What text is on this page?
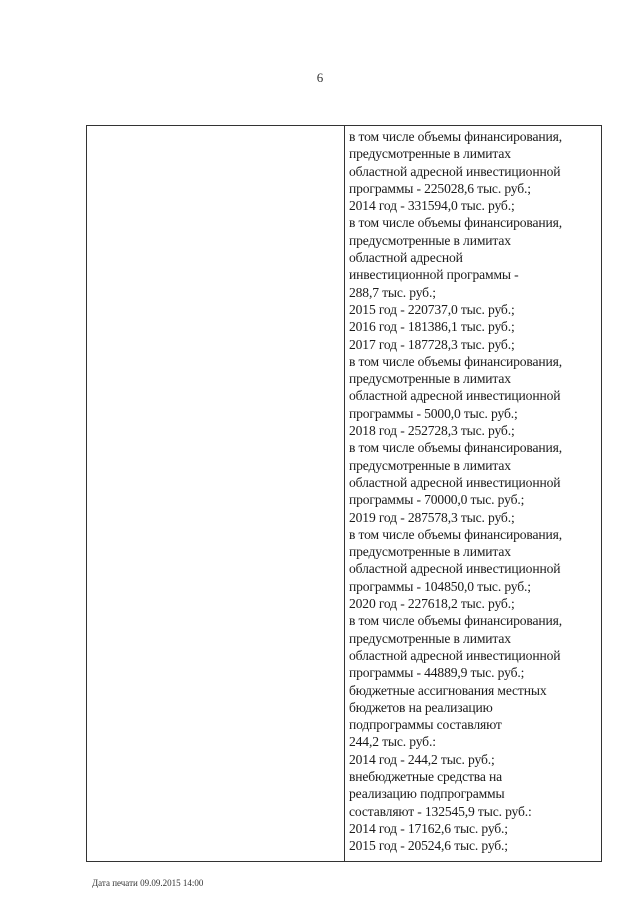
6
в том числе объемы финансирования,
предусмотренные в лимитах
областной адресной инвестиционной
программы - 225028,6 тыс. руб.;
2014 год - 331594,0 тыс. руб.;
в том числе объемы финансирования,
предусмотренные в лимитах
областной адресной
инвестиционной программы -
288,7 тыс. руб.;
2015 год - 220737,0 тыс. руб.;
2016 год - 181386,1 тыс. руб.;
2017 год - 187728,3 тыс. руб.;
в том числе объемы финансирования,
предусмотренные в лимитах
областной адресной инвестиционной
программы - 5000,0 тыс. руб.;
2018 год - 252728,3 тыс. руб.;
в том числе объемы финансирования,
предусмотренные в лимитах
областной адресной инвестиционной
программы - 70000,0 тыс. руб.;
2019 год - 287578,3 тыс. руб.;
в том числе объемы финансирования,
предусмотренные в лимитах
областной адресной инвестиционной
программы - 104850,0 тыс. руб.;
2020 год - 227618,2 тыс. руб.;
в том числе объемы финансирования,
предусмотренные в лимитах
областной адресной инвестиционной
программы - 44889,9 тыс. руб.;
бюджетные ассигнования местных
бюджетов на реализацию
подпрограммы составляют
244,2 тыс. руб.:
2014 год - 244,2 тыс. руб.;
внебюджетные средства на
реализацию подпрограммы
составляют - 132545,9 тыс. руб.:
2014 год - 17162,6 тыс. руб.;
2015 год - 20524,6 тыс. руб.;
Дата печати 09.09.2015 14:00
